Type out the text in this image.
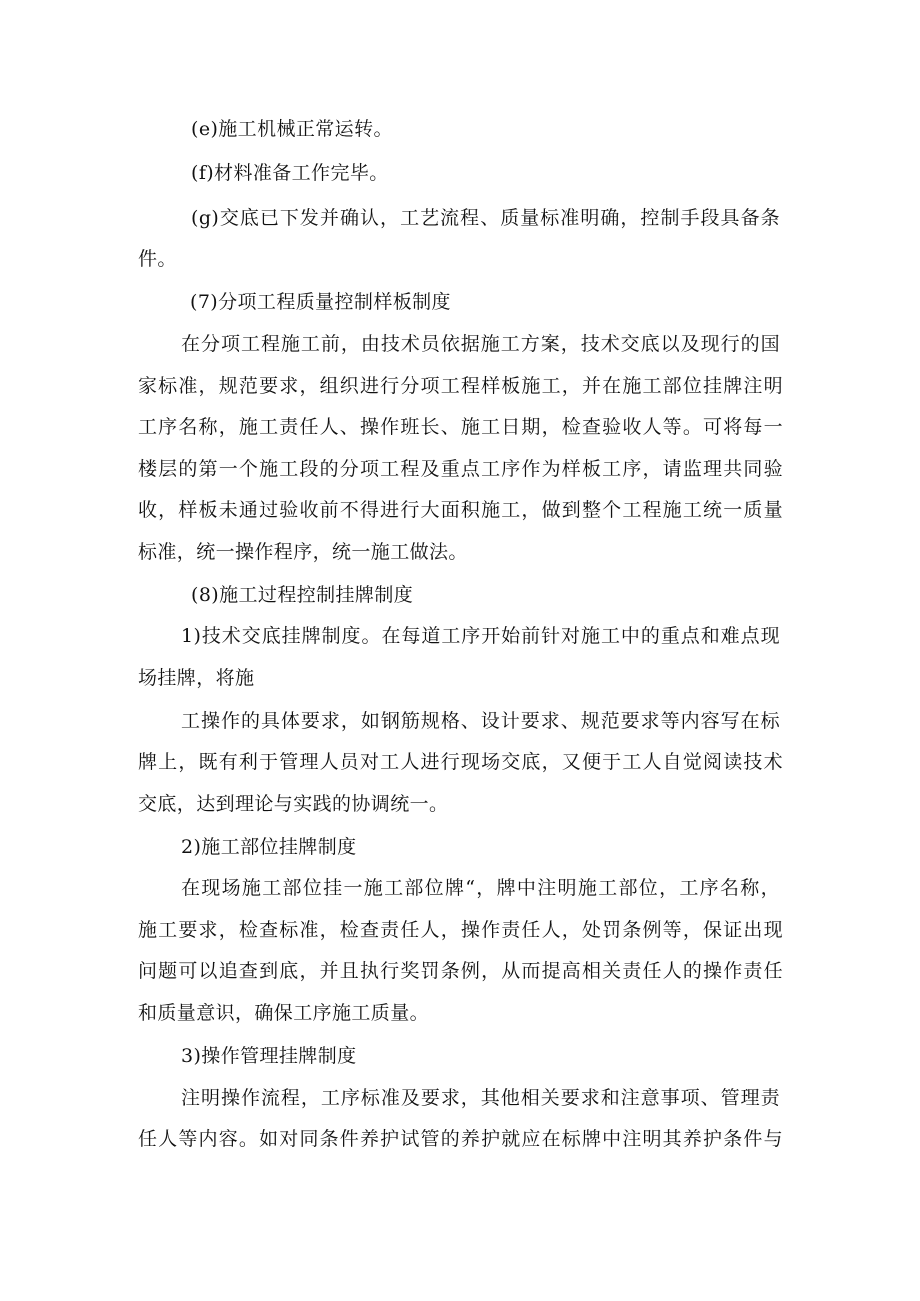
(e)施工机械正常运转。
(f)材料准备工作完毕。
(g)交底已下发并确认，工艺流程、质量标准明确，控制手段具备条
件。
(7)分项工程质量控制样板制度
在分项工程施工前，由技术员依据施工方案，技术交底以及现行的国
家标准，规范要求，组织进行分项工程样板施工，并在施工部位挂牌注明
工序名称，施工责任人、操作班长、施工日期，检查验收人等。可将每一
楼层的第一个施工段的分项工程及重点工序作为样板工序，请监理共同验
收，样板未通过验收前不得进行大面积施工，做到整个工程施工统一质量
标准，统一操作程序，统一施工做法。
(8)施工过程控制挂牌制度
1)技术交底挂牌制度。在每道工序开始前针对施工中的重点和难点现
场挂牌，将施
工操作的具体要求，如钢筋规格、设计要求、规范要求等内容写在标
牌上，既有利于管理人员对工人进行现场交底，又便于工人自觉阅读技术
交底，达到理论与实践的协调统一。
2)施工部位挂牌制度
在现场施工部位挂一施工部位牌“，牌中注明施工部位，工序名称，
施工要求，检查标准，检查责任人，操作责任人，处罚条例等，保证出现
问题可以追查到底，并且执行奖罚条例，从而提高相关责任人的操作责任
和质量意识，确保工序施工质量。
3)操作管理挂牌制度
注明操作流程，工序标准及要求，其他相关要求和注意事项、管理责
任人等内容。如对同条件养护试管的养护就应在标牌中注明其养护条件与
